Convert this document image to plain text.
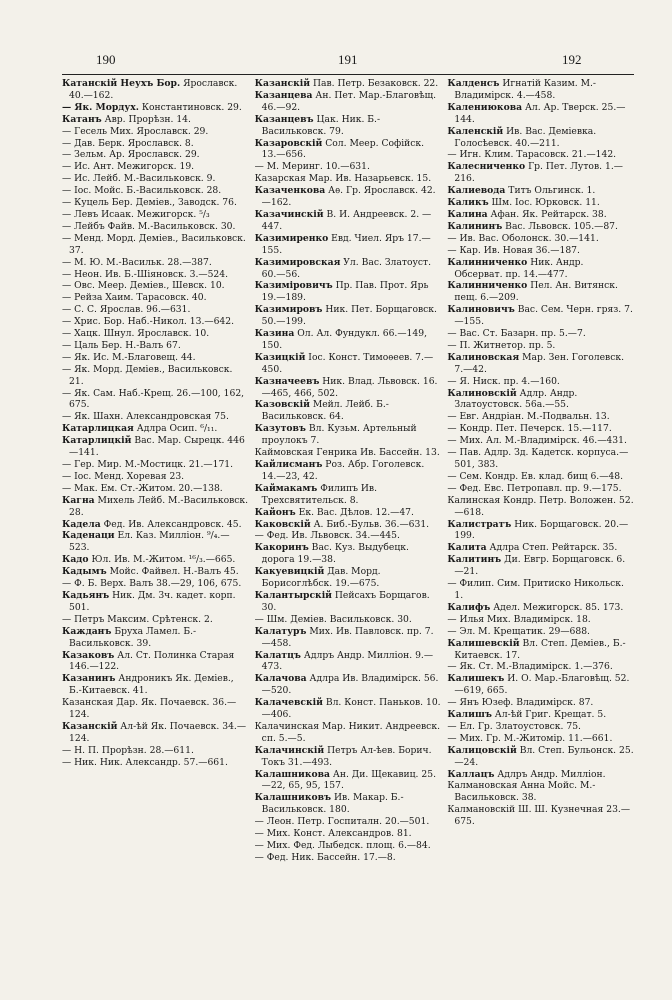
190	191	192

Катанскій Неухъ Бор. Ярославск. 40.—162.

— Як. Мордух. Константиновск. 29.

Катанъ Авр. Прорѣзн. 14.

— Гесель Мих. Ярославск. 29.

— Дав. Берк. Ярославск. 8.

— Зельм. Ар. Ярославск. 29.

— Ис. Ант. Межигорск. 19.

— Ис. Лейб. М.-Васильковск. 9.

— Іос. Мойс. Б.-Васильковск. 28.

— Куцель Бер. Деміев., Заводск. 76.

— Левъ Исаак. Межигорск. ⁵/₃

— Лейбъ Файв. М.-Васильковск. 30.

— Менд. Морд. Деміев., Васильковск. 37.

— М. Ю. М.-Васильк. 28.—387.

— Неон. Ив. Б.-Шіяновск. 3.—524.

— Овс. Меер. Деміев., Шевск. 10.

— Рейза Хаим. Тарасовск. 40.

— С. С. Ярослав. 96.—631.

— Хрис. Бор. Наб.-Никол. 13.—642.

— Хацк. Шнул. Ярославск. 10.

— Цаль Бер. Н.-Валъ 67.

— Як. Ис. М.-Благовещ. 44.

— Як. Морд. Деміев., Васильковск. 21.

— Як. Сам. Наб.-Крещ. 26.—100, 162, 675.

— Як. Шахн. Александровская 75.

Катарлицкая Адлра Осип. ⁶/₁₁.

Катарлицкій Вас. Мар. Сырецк. 446—141.

— Гер. Мир. М.-Мостицк. 21.—171.

— Іос. Менд. Хоревая 23.

— Мак. Ем. Ст.-Житом. 20.—138.

Кагна Михель Лейб. М.-Васильковск. 28.

Кадела Фед. Ив. Александровск. 45.

Каденаци Ел. Каз. Милліон. ⁹/₄.—523.

Кадо Юл. Ив. М.-Житом. ¹⁶/₃.—665.

Кадымъ Мойс. Файвел. Н.-Валъ 45.

— Ф. Б. Верх. Валъ 38.—29, 106, 675.

Кадьянъ Ник. Дм. 3ч. кадет. корп. 501.

— Петръ Максим. Срѣтенск. 2.

Кажданъ Бруха Ламел. Б.-Васильковск. 39.

Казаковъ Ал. Ст. Полинка Старая 146.—122.

Казанинъ Андроникъ Як. Деміев., Б.-Китаевск. 41.

Казанская Дар. Як. Почаевск. 36.—124.

Казанскій Ал-ѣй Як. Почаевск. 34.—124.

— Н. П. Прорѣзн. 28.—611.

— Ник. Ник. Александр. 57.—661.

Казанскій Пав. Петр. Безаковск. 22.

Казанцева Ан. Пет. Мар.-Благовѣщ. 46.—92.

Казанцевъ Цак. Ник. Б.-Васильковск. 79.

Казаровскій Сол. Меер. Софійск. 13.—656.

— М. Меринг. 10.—631.

Казарская Мар. Ив. Назарьевск. 15.

Казаченкова Аѳ. Гр. Ярославск. 42.—162.

Казачинскій В. И. Андреевск. 2. —447.

Казимиренко Евд. Чиел. Яръ 17.—155.

Казимировская Ул. Вас. Златоуст. 60.—56.

Казиміровичъ Пр. Пав. Прот. Ярь 19.—189.

Казимировъ Ник. Пет. Борщаговск. 50.—199.

Казина Ол. Ал. Фундукл. 66.—149, 150.

Казицкій Іос. Конст. Тимоѳеев. 7.—450.

Казначеевъ Ник. Влад. Львовск. 16.—465, 466, 502.

Казовскій Мейл. Лейб. Б.-Васильковск. 64.

Казутовъ Вл. Кузьм. Артельный проулокъ 7.

Каймовская Генрика Ив. Бассейн. 13.

Кайлисманъ Роз. Абр. Гоголевск. 14.—23, 42.

Каймакамъ Филипъ Ив. Трехсвятительск. 8.

Кайонъ Ек. Вас. Дѣлов. 12.—47.

Каковскій А. Биб.-Бульв. 36.—631.

— Фед. Ив. Львовск. 34.—445.

Какоринъ Вас. Куз. Выдубецк. дорога 19.—38.

Какуевицкій Дав. Морд. Борисоглѣбск. 19.—675.

Калантырскій Пейсахъ Борщагов. 30.

— Шм. Деміев. Васильковск. 30.

Калатуръ Мих. Ив. Павловск. пр. 7.—458.

Калатцъ Адлръ Андр. Милліон. 9.—473.

Калачова Адлра Ив. Владимірск. 56.—520.

Калачевскій Вл. Конст. Паньков. 10.—406.

Калачинская Мар. Никит. Андреевск. сп. 5.—5.

Калачинскій Петръ Ал-ѣев. Борич. Токъ 31.—493.

Калашникова Ан. Ди. Щекавиц. 25.—22, 65, 95, 157.

Калашниковъ Ив. Макар. Б.-Васильковск. 180.

— Леон. Петр. Госпиталн. 20.—501.

— Мих. Конст. Александров. 81.

— Мих. Фед. Лыбедск. площ. 6.—84.

— Фед. Ник. Бассейн. 17.—8.

Калденсъ Игнатій Казим. М.-Владимірск. 4.—458.

Калениюкова Ал. Ар. Тверск. 25.—144.

Каленскій Ив. Вас. Деміевка. Голосѣевск. 40.—211.

— Игн. Клим. Тарасовск. 21.—142.

Калесниченко Гр. Пет. Лутов. 1.—216.

Калиевода Титъ Ольгинск. 1.

Каликъ Шм. Іос. Юрковск. 11.

Калина Афан. Як. Рейтарск. 38.

Калининъ Вас. Львовск. 105.—87.

— Ив. Вас. Оболонск. 30.—141.

— Кар. Ив. Новая 36.—187.

Калинниченко Ник. Андр. Обсерват. пр. 14.—477.

Калинниченко Пел. Ан. Витянск. пещ. 6.—209.

Калиновичъ Вас. Сем. Черн. гряз. 7.—155.

— Вас. Ст. Базарн. пр. 5.—7.

— П. Житнетор. пр. 5.

Калиновская Мар. Зен. Гоголевск. 7.—42.

— Я. Ниск. пр. 4.—160.

Калиновскій Адлр. Андр. Златоустовск. 56а.—55.

— Евг. Андріан. М.-Подвальн. 13.

— Кондр. Пет. Печерск. 15.—117.

— Мих. Ал. М.-Владимірск. 46.—431.

— Пав. Адлр. Зд. Кадетск. корпуса.—501, 383.

— Сем. Кондр. Ев. клад. бищ 6.—48.

— Фед. Евс. Петропавл. пр. 9.—175.

Калинская Кондр. Петр. Воложен. 52.—618.

Калистратъ Ник. Борщаговск. 20.—199.

Калита Адлра Степ. Рейтарск. 35.

Калитинъ Ди. Евгр. Борщаговск. 6.—21.

— Филип. Сим. Притиско Никольск. 1.

Калифъ Адел. Межигорск. 85. 173.

— Илья Мих. Владимірск. 18.

— Эл. М. Крещатик. 29—688.

Калишевскій Вл. Степ. Деміев., Б.-Китаевск. 17.

— Як. Ст. М.-Владимірск. 1.—376.

Калишекъ И. О. Мар.-Благовѣщ. 52.—619, 665.

— Янъ Юзеф. Владимірск. 87.

Калишъ Ал-ѣй Григ. Крещат. 5.

— Ел. Гр. Златоустовск. 75.

— Мих. Гр. М.-Житомір. 11.—661.

Калицовскій Вл. Степ. Бульонск. 25.—24.

Каллацъ Адлръ Андр. Милліон.

Калмановская Анна Мойс. М.-Васильковск. 38.

Калмановскій Ш. Ш. Кузнечная 23.—675.
